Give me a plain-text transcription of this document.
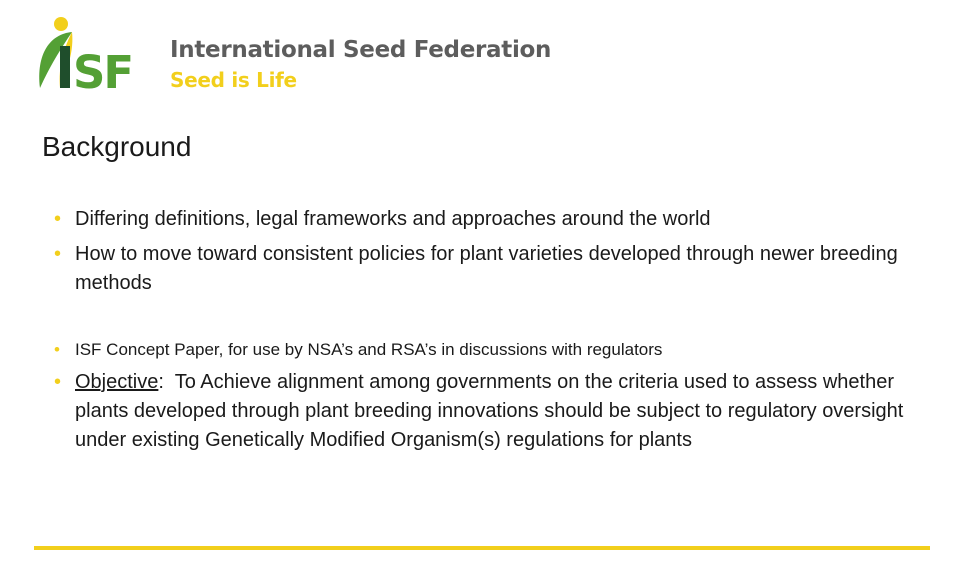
SF International Seed Federation
Seed is Life
Background
• Differing definitions, legal frameworks and approaches around the world
• How to move toward consistent policies for plant varieties developed through newer breeding methods
• ISF Concept Paper, for use by NSA’s and RSA’s in discussions with regulators
• Objective:  To Achieve alignment among governments on the criteria used to assess whether plants developed through plant breeding innovations should be subject to regulatory oversight under existing Genetically Modified Organism(s) regulations for plants
